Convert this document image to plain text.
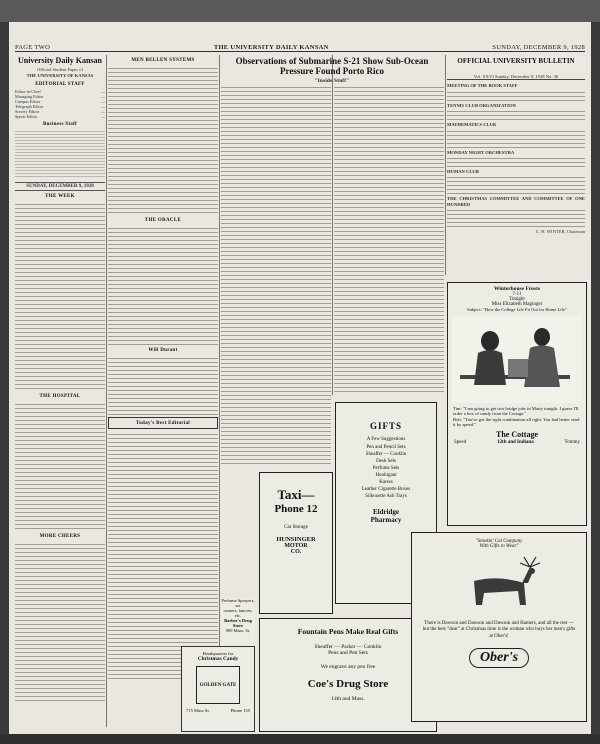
PAGE TWO	THE UNIVERSITY DAILY KANSAN	SUNDAY, DECEMBER 9, 1928
University Daily Kansan
Official Student Paper of
THE UNIVERSITY OF KANSAS
EDITORIAL STAFF
Editor-in-Chief	—
Managing Editor	—
Campus Editor	—
Telegraph Editor	—
Society Editor	—
Sports Editor	—
Business Staff
SUNDAY, DECEMBER 9, 1928
THE WEEK
THE HOSPITAL
MORE CHEERS
MEN BELLEN SYSTEMS
THE ORACLE
Will Durant
Today's Best Editorial
Observations of Submarine S-21 Show Sub-Ocean Pressure Found Porto Rico
"Inside Stuff"
OFFICIAL UNIVERSITY BULLETIN
Vol. XXVI Sunday, December 9, 1928 No. 36
MEETING OF THE BOOK STAFF
TENNIS CLUB ORGANIZATION
MATHEMATICS CLUB
MONDAY NIGHT ORCHESTRA
HUMAN CLUB
THE CHRISTMAS COMMITTEE AND COMMITTEE OF ONE HUNDRED
C. H. WINTER, Chairman
Winterhouse Frosts
7-11
Tonight
Miss Elizabeth Maginger
Subject: "How the College Life Fit Out for Home Life"
Tim: "I am going to get two bridge jobs in Marty tonight. I guess I'll order a box of candy from the Cottage."
Bob: "You've got the right combination all right. You had better send it by speed."
The Cottage
Speed	12th and Indiana	Tommy
Taxi—
Phone 12
Car Storage
HUNSINGER
MOTOR
CO.
GIFTS
A Few Suggestions
Pen and Pencil Sets
Sheaffer — Conklin
Desk Sets
Perfume Sets
Houbigant
Karess
Leather Cigarette Boxes
Silhouette Ash Trays
Eldridge
Pharmacy
Perfume Sprayers, set
owners, fancies, etc.
Barber's Drug Store
909 Mass. St.
Headquarters for
Christmas Candy
GOLDEN GATE
715 Mass St.	Phone 155
Fountain Pens Make Real Gifts
Sheaffer — Parker — Conklin
Pens and Pen Sets
We engrave any pen free
Coe's Drug Store
14th and Mass.
"Smokin' Cat Company
With Gifts to Wear"
There is Dawson and Dawson and Dawson and Hamers, and all the rest — but the best "dear" at Christmas time is the woman who buys her men's gifts at Ober's!
Ober's
